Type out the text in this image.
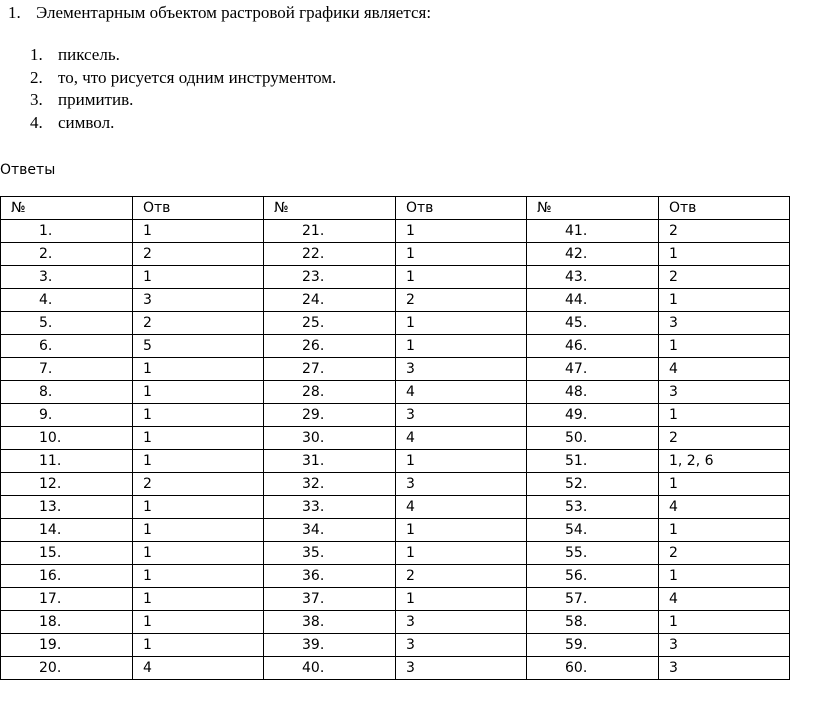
1. Элементарным объектом растровой графики является:
1. пиксель.
2. то, что рисуется одним инструментом.
3. примитив.
4. символ.
Ответы
№	Отв	№	Отв	№	Отв
1.	1	21.	1	41.	2
2.	2	22.	1	42.	1
3.	1	23.	1	43.	2
4.	3	24.	2	44.	1
5.	2	25.	1	45.	3
6.	5	26.	1	46.	1
7.	1	27.	3	47.	4
8.	1	28.	4	48.	3
9.	1	29.	3	49.	1
10.	1	30.	4	50.	2
11.	1	31.	1	51.	1, 2, 6
12.	2	32.	3	52.	1
13.	1	33.	4	53.	4
14.	1	34.	1	54.	1
15.	1	35.	1	55.	2
16.	1	36.	2	56.	1
17.	1	37.	1	57.	4
18.	1	38.	3	58.	1
19.	1	39.	3	59.	3
20.	4	40.	3	60.	3
